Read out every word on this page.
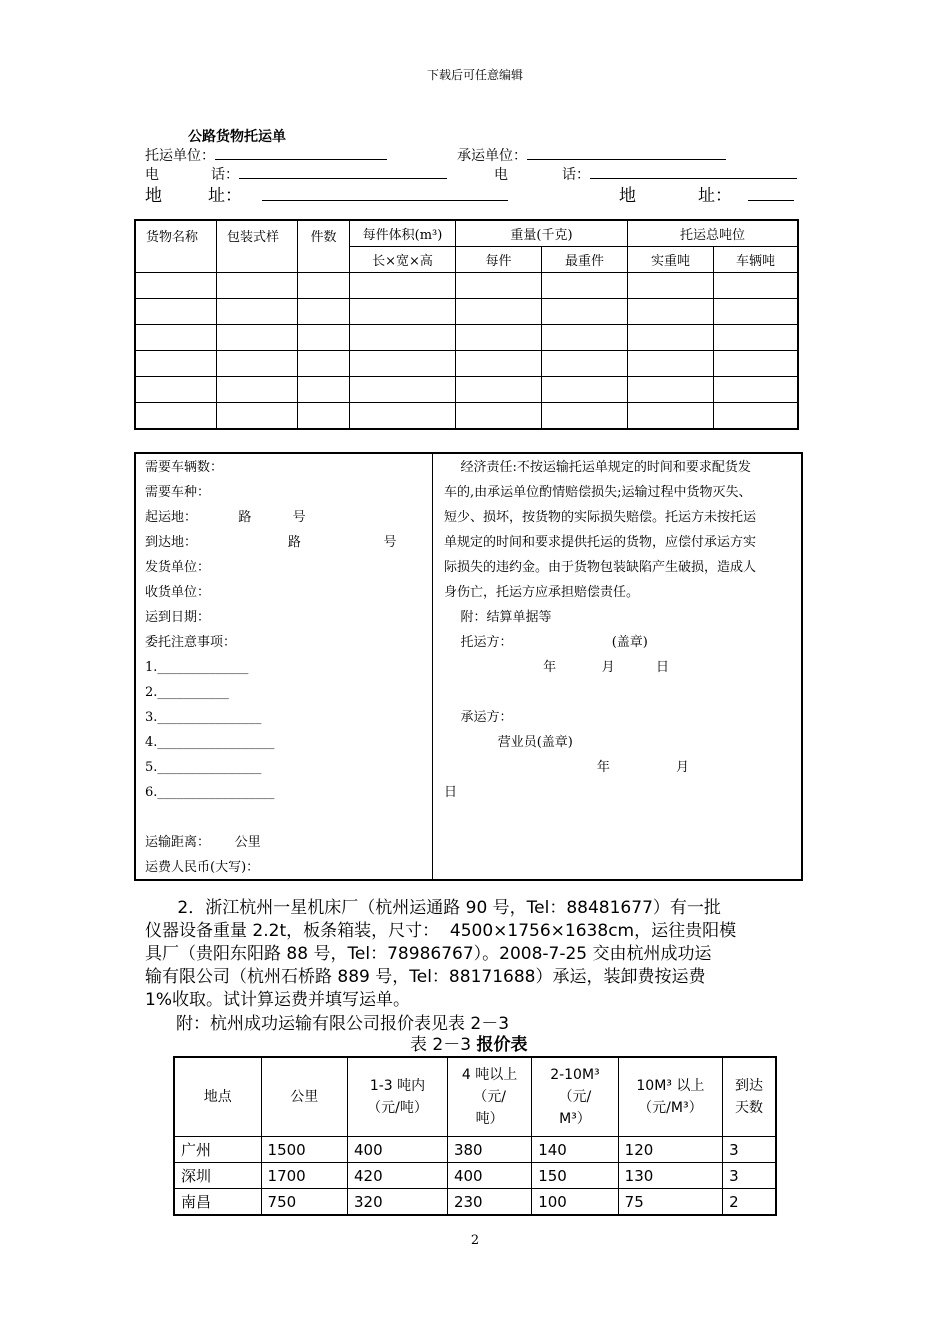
下载后可任意编辑
公路货物托运单
托运单位：	承运单位：
电	话：	电	话：
地	址：	地	址：
货物名称	包装式样	件数	每件体积(m³)	重量(千克)		托运总吨位	
			长×宽×高	每件	最重件	实重吨	车辆吨

需要车辆数：
需要车种：
起运地：          路          号
到达地：                      路                    号
发货单位：
收货单位：
运到日期：
委托注意事项：
1.______________
2.___________
3.________________
4.__________________
5.________________
6.__________________
运输距离：      公里
运费人民币(大写)：
经济责任:不按运输托运单规定的时间和要求配货发
车的,由承运单位酌情赔偿损失;运输过程中货物灭失、
短少、损坏，按货物的实际损失赔偿。托运方未按托运
单规定的时间和要求提供托运的货物，应偿付承运方实
际损失的违约金。由于货物包装缺陷产生破损，造成人
身伤亡，托运方应承担赔偿责任。
附：结算单据等
托运方：                        (盖章)
年           月          日
承运方：
营业员(盖章)
年                月
日
2．浙江杭州一星机床厂（杭州运通路 90 号，Tel：88481677）有一批
仪器设备重量 2.2t，板条箱装，尺寸：  4500×1756×1638cm，运往贵阳模
具厂（贵阳东阳路 88 号，Tel：78986767）。2008-7-25 交由杭州成功运
输有限公司（杭州石桥路 889 号，Tel：88171688）承运，装卸费按运费
1%收取。试计算运费并填写运单。
附：杭州成功运输有限公司报价表见表 2－3
表 2－3 报价表
地点	公里	1-3 吨内
（元/吨）	4 吨以上
（元/
吨）	2-10M³
（元/
M³）	10M³ 以上
（元/M³）	到达
天数
广州	1500	400	380	140	120	3
深圳	1700	420	400	150	130	3
南昌	750	320	230	100	75	2
2
